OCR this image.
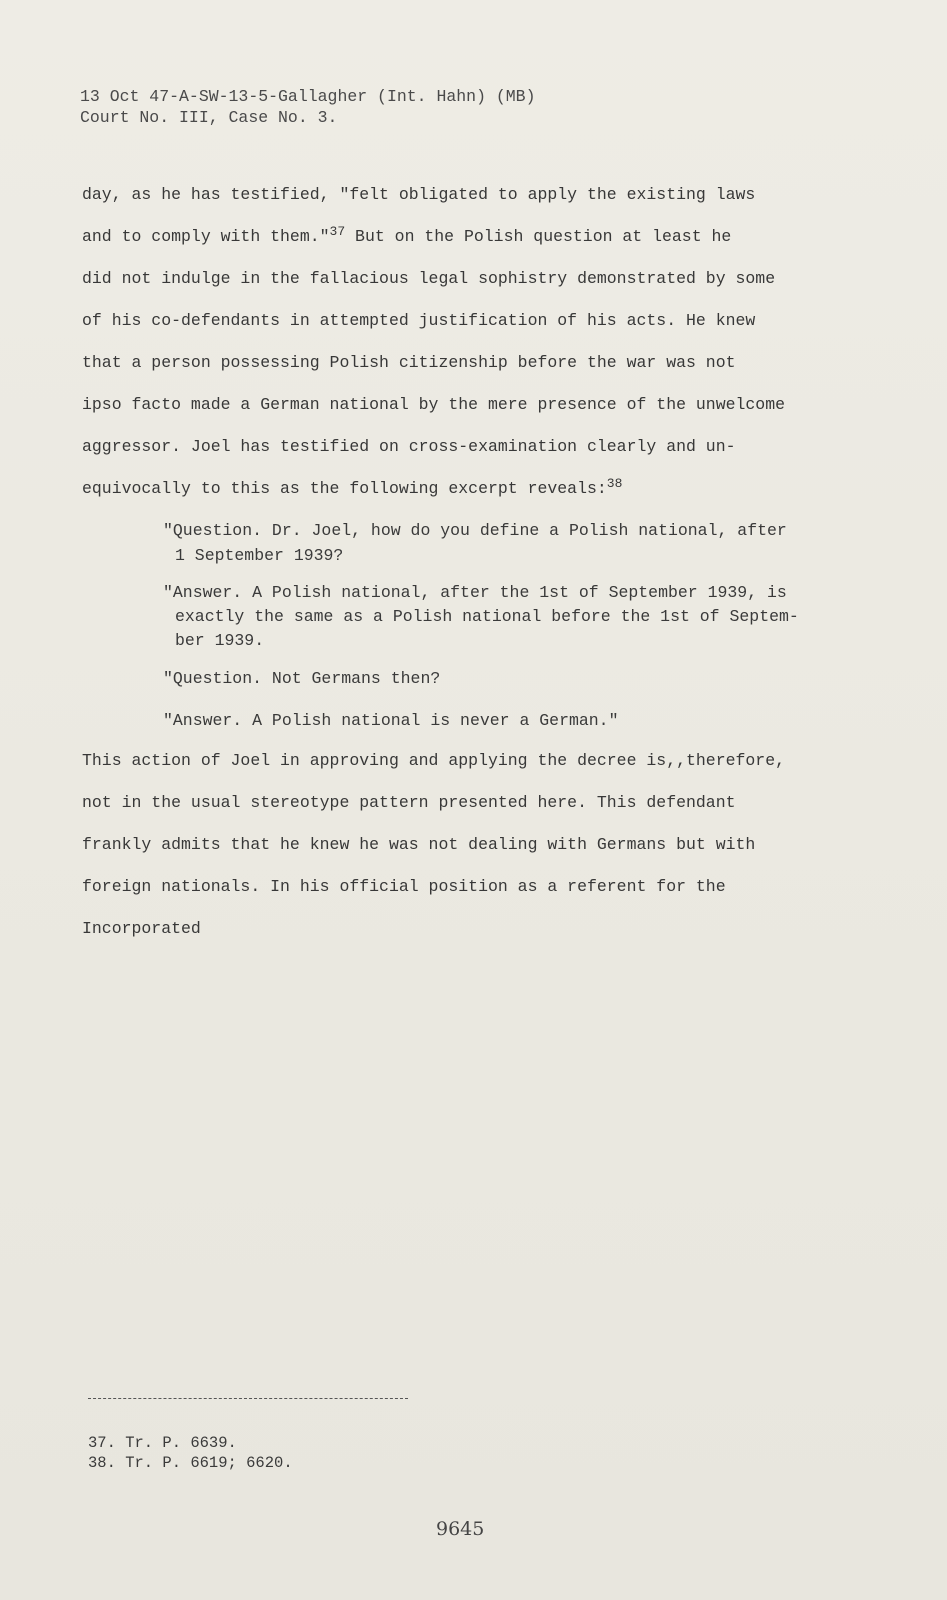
13 Oct 47-A-SW-13-5-Gallagher (Int. Hahn) (MB)
Court No. III, Case No. 3.
day, as he has testified, "felt obligated to apply the existing laws
and to comply with them."$^{37}$ But on the Polish question at least he
did not indulge in the fallacious legal sophistry demonstrated by some
of his co-defendants in attempted justification of his acts. He knew
that a person possessing Polish citizenship before the war was not
ipso facto made a German national by the mere presence of the unwelcome
aggressor. Joel has testified on cross-examination clearly and un-
equivocally to this as the following excerpt reveals:$^{38}$
"Question. Dr. Joel, how do you define a Polish national, after
1 September 1939?
"Answer. A Polish national, after the 1st of September 1939, is
exactly the same as a Polish national before the 1st of Septem-
ber 1939.
"Question. Not Germans then?
"Answer. A Polish national is never a German."
This action of Joel in approving and applying the decree is,,therefore,
not in the usual stereotype pattern presented here. This defendant
frankly admits that he knew he was not dealing with Germans but with
foreign nationals. In his official position as a referent for the
Incorporated
37. Tr. P. 6639.
38. Tr. P. 6619; 6620.
9645
